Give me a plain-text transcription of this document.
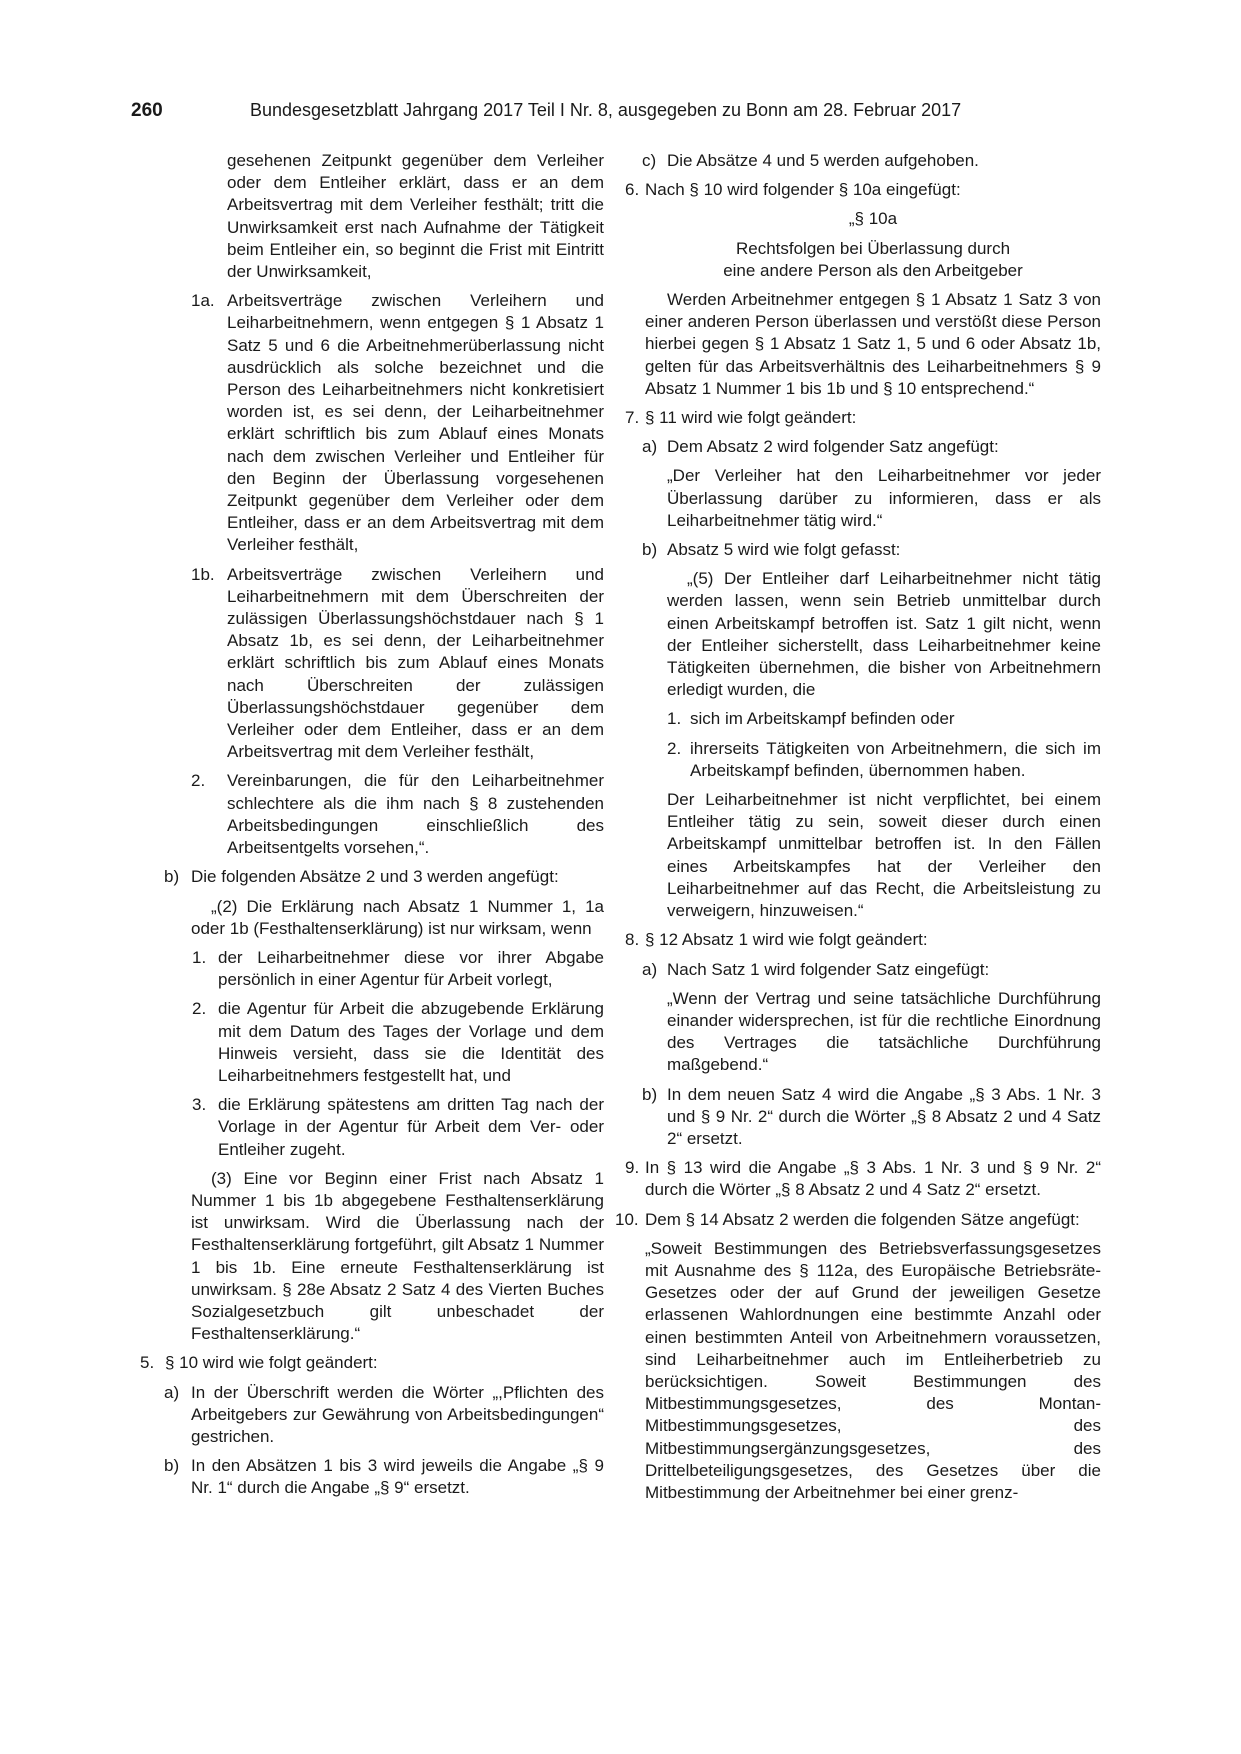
260	Bundesgesetzblatt Jahrgang 2017 Teil I Nr. 8, ausgegeben zu Bonn am 28. Februar 2017
gesehenen Zeitpunkt gegenüber dem Verleiher oder dem Entleiher erklärt, dass er an dem Arbeitsvertrag mit dem Verleiher festhält; tritt die Unwirksamkeit erst nach Aufnahme der Tätigkeit beim Entleiher ein, so beginnt die Frist mit Eintritt der Unwirksamkeit,
1a. Arbeitsverträge zwischen Verleihern und Leiharbeitnehmern, wenn entgegen § 1 Absatz 1 Satz 5 und 6 die Arbeitnehmerüberlassung nicht ausdrücklich als solche bezeichnet und die Person des Leiharbeitnehmers nicht konkretisiert worden ist, es sei denn, der Leiharbeitnehmer erklärt schriftlich bis zum Ablauf eines Monats nach dem zwischen Verleiher und Entleiher für den Beginn der Überlassung vorgesehenen Zeitpunkt gegenüber dem Verleiher oder dem Entleiher, dass er an dem Arbeitsvertrag mit dem Verleiher festhält,
1b. Arbeitsverträge zwischen Verleihern und Leiharbeitnehmern mit dem Überschreiten der zulässigen Überlassungshöchstdauer nach § 1 Absatz 1b, es sei denn, der Leiharbeitnehmer erklärt schriftlich bis zum Ablauf eines Monats nach Überschreiten der zulässigen Überlassungshöchstdauer gegenüber dem Verleiher oder dem Entleiher, dass er an dem Arbeitsvertrag mit dem Verleiher festhält,
2. Vereinbarungen, die für den Leiharbeitnehmer schlechtere als die ihm nach § 8 zustehenden Arbeitsbedingungen einschließlich des Arbeitsentgelts vorsehen,“.
b) Die folgenden Absätze 2 und 3 werden angefügt:
„(2) Die Erklärung nach Absatz 1 Nummer 1, 1a oder 1b (Festhaltenserklärung) ist nur wirksam, wenn
1. der Leiharbeitnehmer diese vor ihrer Abgabe persönlich in einer Agentur für Arbeit vorlegt,
2. die Agentur für Arbeit die abzugebende Erklärung mit dem Datum des Tages der Vorlage und dem Hinweis versieht, dass sie die Identität des Leiharbeitnehmers festgestellt hat, und
3. die Erklärung spätestens am dritten Tag nach der Vorlage in der Agentur für Arbeit dem Ver- oder Entleiher zugeht.
(3) Eine vor Beginn einer Frist nach Absatz 1 Nummer 1 bis 1b abgegebene Festhaltenserklärung ist unwirksam. Wird die Überlassung nach der Festhaltenserklärung fortgeführt, gilt Absatz 1 Nummer 1 bis 1b. Eine erneute Festhaltenserklärung ist unwirksam. § 28e Absatz 2 Satz 4 des Vierten Buches Sozialgesetzbuch gilt unbeschadet der Festhaltenserklärung.“
5. § 10 wird wie folgt geändert:
a) In der Überschrift werden die Wörter „,Pflichten des Arbeitgebers zur Gewährung von Arbeitsbedingungen“ gestrichen.
b) In den Absätzen 1 bis 3 wird jeweils die Angabe „§ 9 Nr. 1“ durch die Angabe „§ 9“ ersetzt.
c) Die Absätze 4 und 5 werden aufgehoben.
6. Nach § 10 wird folgender § 10a eingefügt:
„§ 10a
Rechtsfolgen bei Überlassung durch
eine andere Person als den Arbeitgeber
Werden Arbeitnehmer entgegen § 1 Absatz 1 Satz 3 von einer anderen Person überlassen und verstößt diese Person hierbei gegen § 1 Absatz 1 Satz 1, 5 und 6 oder Absatz 1b, gelten für das Arbeitsverhältnis des Leiharbeitnehmers § 9 Absatz 1 Nummer 1 bis 1b und § 10 entsprechend.“
7. § 11 wird wie folgt geändert:
a) Dem Absatz 2 wird folgender Satz angefügt:
„Der Verleiher hat den Leiharbeitnehmer vor jeder Überlassung darüber zu informieren, dass er als Leiharbeitnehmer tätig wird.“
b) Absatz 5 wird wie folgt gefasst:
„(5) Der Entleiher darf Leiharbeitnehmer nicht tätig werden lassen, wenn sein Betrieb unmittelbar durch einen Arbeitskampf betroffen ist. Satz 1 gilt nicht, wenn der Entleiher sicherstellt, dass Leiharbeitnehmer keine Tätigkeiten übernehmen, die bisher von Arbeitnehmern erledigt wurden, die
1. sich im Arbeitskampf befinden oder
2. ihrerseits Tätigkeiten von Arbeitnehmern, die sich im Arbeitskampf befinden, übernommen haben.
Der Leiharbeitnehmer ist nicht verpflichtet, bei einem Entleiher tätig zu sein, soweit dieser durch einen Arbeitskampf unmittelbar betroffen ist. In den Fällen eines Arbeitskampfes hat der Verleiher den Leiharbeitnehmer auf das Recht, die Arbeitsleistung zu verweigern, hinzuweisen.“
8. § 12 Absatz 1 wird wie folgt geändert:
a) Nach Satz 1 wird folgender Satz eingefügt:
„Wenn der Vertrag und seine tatsächliche Durchführung einander widersprechen, ist für die rechtliche Einordnung des Vertrages die tatsächliche Durchführung maßgebend.“
b) In dem neuen Satz 4 wird die Angabe „§ 3 Abs. 1 Nr. 3 und § 9 Nr. 2“ durch die Wörter „§ 8 Absatz 2 und 4 Satz 2“ ersetzt.
9. In § 13 wird die Angabe „§ 3 Abs. 1 Nr. 3 und § 9 Nr. 2“ durch die Wörter „§ 8 Absatz 2 und 4 Satz 2“ ersetzt.
10. Dem § 14 Absatz 2 werden die folgenden Sätze angefügt:
„Soweit Bestimmungen des Betriebsverfassungsgesetzes mit Ausnahme des § 112a, des Europäische Betriebsräte-Gesetzes oder der auf Grund der jeweiligen Gesetze erlassenen Wahlordnungen eine bestimmte Anzahl oder einen bestimmten Anteil von Arbeitnehmern voraussetzen, sind Leiharbeitnehmer auch im Entleiherbetrieb zu berücksichtigen. Soweit Bestimmungen des Mitbestimmungsgesetzes, des Montan-Mitbestimmungsgesetzes, des Mitbestimmungsergänzungsgesetzes, des Drittelbeteiligungsgesetzes, des Gesetzes über die Mitbestimmung der Arbeitnehmer bei einer grenz-
